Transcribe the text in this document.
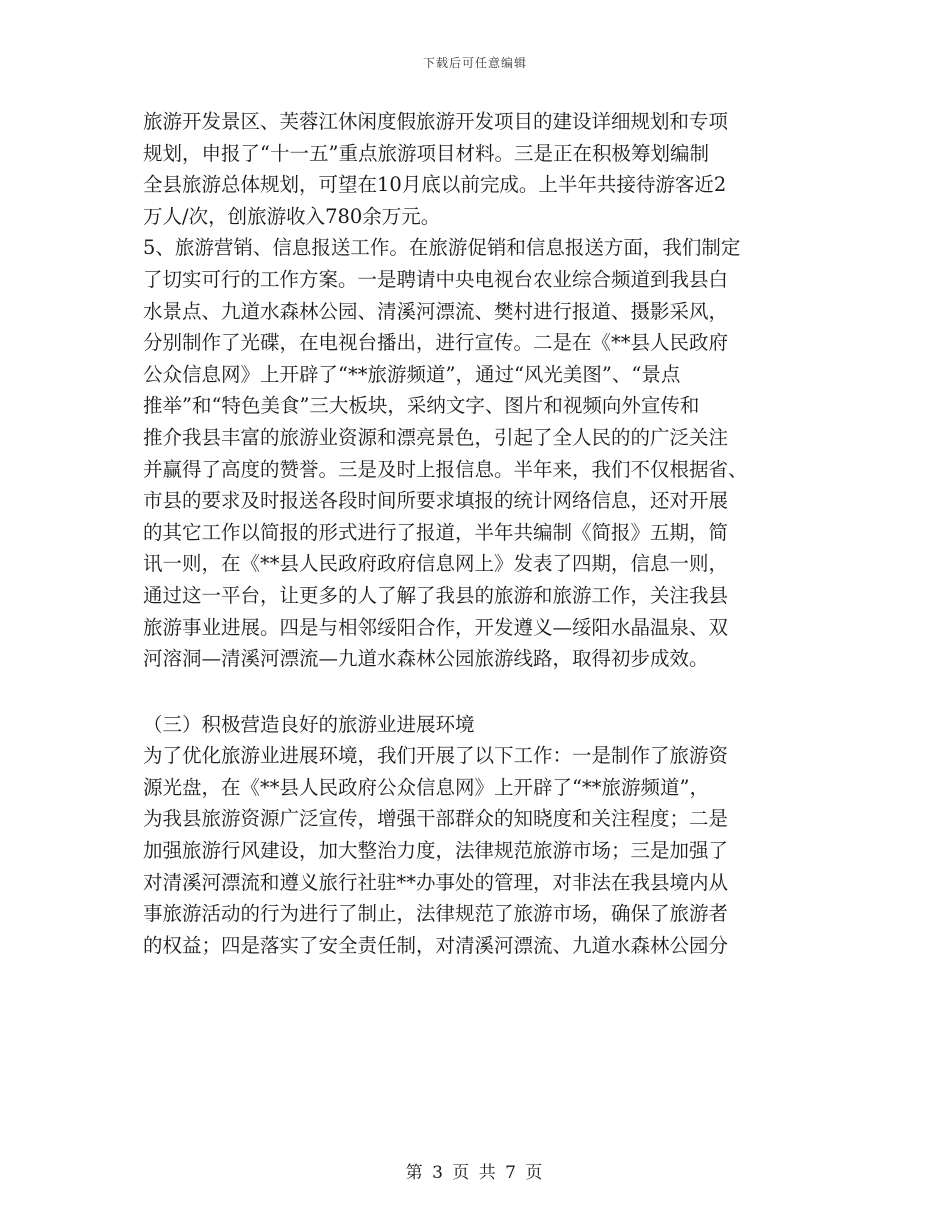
下载后可任意编辑
旅游开发景区、芙蓉江休闲度假旅游开发项目的建设详细规划和专项
规划，申报了“十一五”重点旅游项目材料。三是正在积极筹划编制
全县旅游总体规划，可望在10月底以前完成。上半年共接待游客近2
万人/次，创旅游收入780余万元。
5、旅游营销、信息报送工作。在旅游促销和信息报送方面，我们制定
了切实可行的工作方案。一是聘请中央电视台农业综合频道到我县白
水景点、九道水森林公园、清溪河漂流、樊村进行报道、摄影采风，
分别制作了光碟，在电视台播出，进行宣传。二是在《**县人民政府
公众信息网》上开辟了“**旅游频道”，通过“风光美图”、“景点
推举”和“特色美食”三大板块，采纳文字、图片和视频向外宣传和
推介我县丰富的旅游业资源和漂亮景色，引起了全人民的的广泛关注
并赢得了高度的赞誉。三是及时上报信息。半年来，我们不仅根据省、
市县的要求及时报送各段时间所要求填报的统计网络信息，还对开展
的其它工作以简报的形式进行了报道，半年共编制《简报》五期，简
讯一则，在《**县人民政府政府信息网上》发表了四期，信息一则，
通过这一平台，让更多的人了解了我县的旅游和旅游工作，关注我县
旅游事业进展。四是与相邻绥阳合作，开发遵义—绥阳水晶温泉、双
河溶洞—清溪河漂流—九道水森林公园旅游线路，取得初步成效。
（三）积极营造良好的旅游业进展环境
为了优化旅游业进展环境，我们开展了以下工作：一是制作了旅游资
源光盘，在《**县人民政府公众信息网》上开辟了“**旅游频道”，
为我县旅游资源广泛宣传，增强干部群众的知晓度和关注程度；二是
加强旅游行风建设，加大整治力度，法律规范旅游市场；三是加强了
对清溪河漂流和遵义旅行社驻**办事处的管理，对非法在我县境内从
事旅游活动的行为进行了制止，法律规范了旅游市场，确保了旅游者
的权益；四是落实了安全责任制，对清溪河漂流、九道水森林公园分
第 3 页 共 7 页
